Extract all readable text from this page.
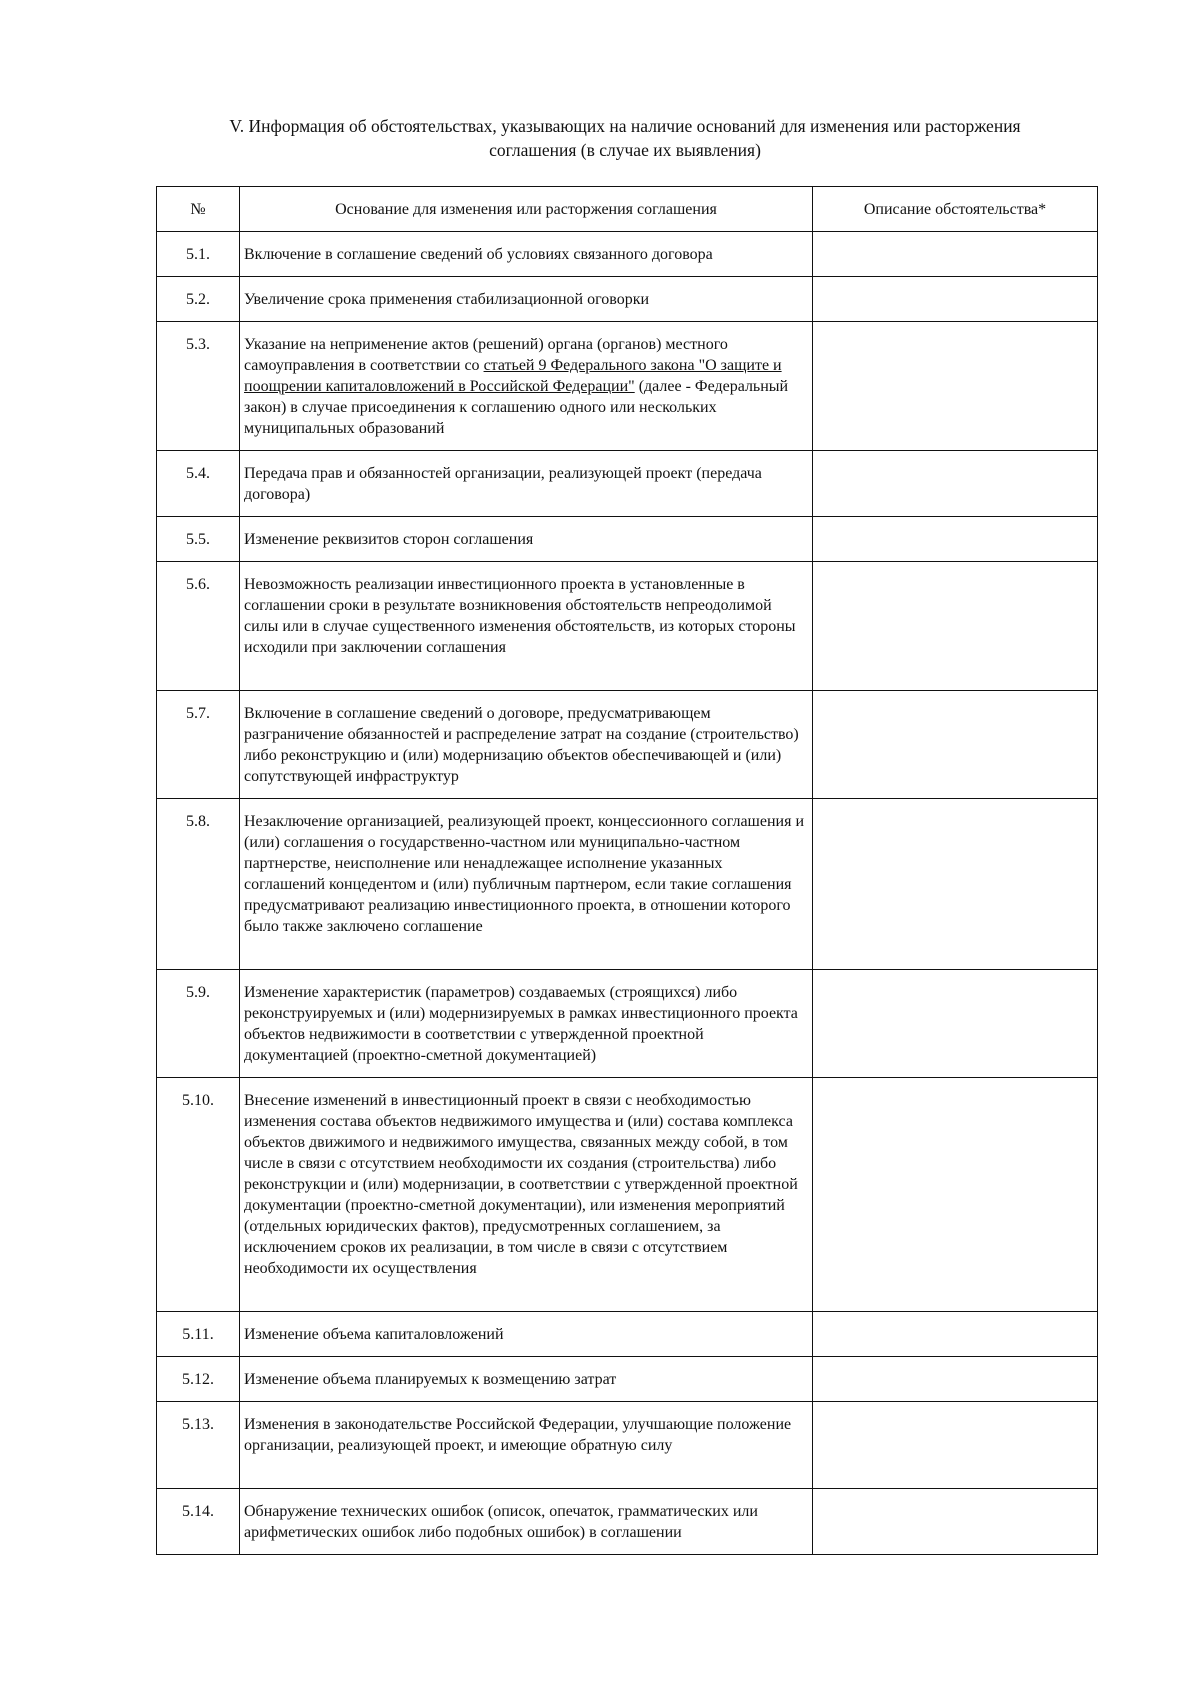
V. Информация об обстоятельствах, указывающих на наличие оснований для изменения или расторжения
соглашения (в случае их выявления)
№	Основание для изменения или расторжения соглашения	Описание обстоятельства*
5.1.	Включение в соглашение сведений об условиях связанного договора	
5.2.	Увеличение срока применения стабилизационной оговорки	
5.3.	Указание на неприменение актов (решений) органа (органов) местного самоуправления в соответствии со статьей 9 Федерального закона "О защите и поощрении капиталовложений в Российской Федерации" (далее - Федеральный закон) в случае присоединения к соглашению одного или нескольких муниципальных образований	
5.4.	Передача прав и обязанностей организации, реализующей проект (передача договора)	
5.5.	Изменение реквизитов сторон соглашения	
5.6.	Невозможность реализации инвестиционного проекта в установленные в соглашении сроки в результате возникновения обстоятельств непреодолимой силы или в случае существенного изменения обстоятельств, из которых стороны исходили при заключении соглашения	
5.7.	Включение в соглашение сведений о договоре, предусматривающем разграничение обязанностей и распределение затрат на создание (строительство) либо реконструкцию и (или) модернизацию объектов обеспечивающей и (или) сопутствующей инфраструктур	
5.8.	Незаключение организацией, реализующей проект, концессионного соглашения и (или) соглашения о государственно-частном или муниципально-частном партнерстве, неисполнение или ненадлежащее исполнение указанных соглашений концедентом и (или) публичным партнером, если такие соглашения предусматривают реализацию инвестиционного проекта, в отношении которого было также заключено соглашение	
5.9.	Изменение характеристик (параметров) создаваемых (строящихся) либо реконструируемых и (или) модернизируемых в рамках инвестиционного проекта объектов недвижимости в соответствии с утвержденной проектной документацией (проектно-сметной документацией)	
5.10.	Внесение изменений в инвестиционный проект в связи с необходимостью изменения состава объектов недвижимого имущества и (или) состава комплекса объектов движимого и недвижимого имущества, связанных между собой, в том числе в связи с отсутствием необходимости их создания (строительства) либо реконструкции и (или) модернизации, в соответствии с утвержденной проектной документации (проектно-сметной документации), или изменения мероприятий (отдельных юридических фактов), предусмотренных соглашением, за исключением сроков их реализации, в том числе в связи с отсутствием необходимости их осуществления	
5.11.	Изменение объема капиталовложений	
5.12.	Изменение объема планируемых к возмещению затрат	
5.13.	Изменения в законодательстве Российской Федерации, улучшающие положение организации, реализующей проект, и имеющие обратную силу	
5.14.	Обнаружение технических ошибок (описок, опечаток, грамматических или арифметических ошибок либо подобных ошибок) в соглашении	
